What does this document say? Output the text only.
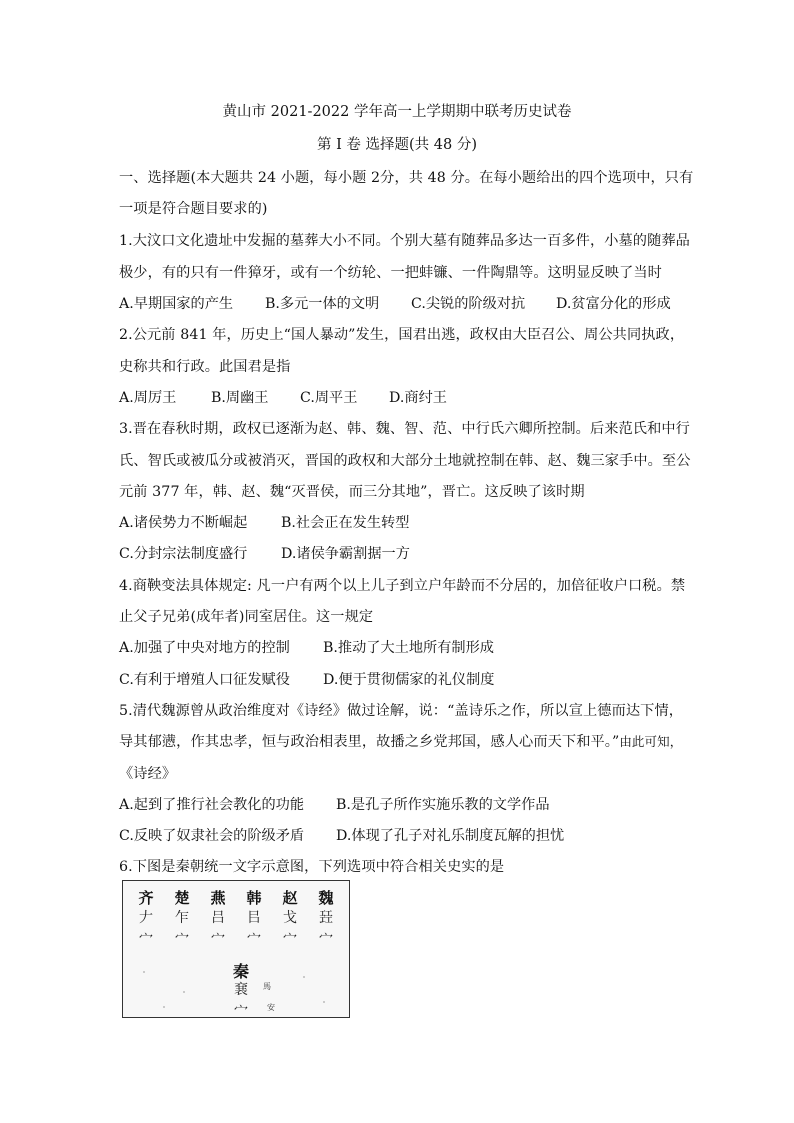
黄山市 2021-2022 学年高一上学期期中联考历史试卷
第 I 卷 选择题(共 48 分)
一、选择题(本大题共 24 小题，每小题 2分，共 48 分。在每小题给出的四个选项中，只有
一项是符合题目要求的)
1.大汶口文化遗址中发掘的墓葬大小不同。个别大墓有随葬品多达一百多件，小墓的随葬品
极少，有的只有一件獐牙，或有一个纺轮、一把蚌镰、一件陶鼎等。这明显反映了当时
A.早期国家的产生 B.多元一体的文明 C.尖锐的阶级对抗 D.贫富分化的形成
2.公元前 841 年，历史上“国人暴动”发生，国君出逃，政权由大臣召公、周公共同执政，
史称共和行政。此国君是指
A.周厉王 B.周幽王 C.周平王 D.商纣王
3.晋在春秋时期，政权已逐渐为赵、韩、魏、智、范、中行氏六卿所控制。后来范氏和中行
氏、智氏或被瓜分或被消灭，晋国的政权和大部分土地就控制在韩、赵、魏三家手中。至公
元前 377 年，韩、赵、魏“灭晋侯，而三分其地”，晋亡。这反映了该时期
A.诸侯势力不断崛起 B.社会正在发生转型
C.分封宗法制度盛行 D.诸侯争霸割据一方
4.商鞅变法具体规定: 凡一户有两个以上儿子到立户年龄而不分居的，加倍征收户口税。禁
止父子兄弟(成年者)同室居住。这一规定
A.加强了中央对地方的控制 B.推动了大土地所有制形成
C.有利于增殖人口征发赋役 D.便于贯彻儒家的礼仪制度
5.清代魏源曾从政治维度对《诗经》做过诠解，说：“盖诗乐之作，所以宣上德而达下情，
导其郁懑，作其忠孝，恒与政治相表里，故播之乡党邦国，感人心而天下和平。”由此可知，
《诗经》
A.起到了推行社会教化的功能 B.是孔子所作实施乐教的文学作品
C.反映了奴隶社会的阶级矛盾 D.体现了孔子对礼乐制度瓦解的担忧
6.下图是秦朝统一文字示意图，下列选项中符合相关史实的是
齐
𠂇
宀
楚
乍
宀
燕
吕
宀
韩
㠯
宀
赵
戈
宀
魏
㠭
宀
秦
㐮
宀
馬
安
